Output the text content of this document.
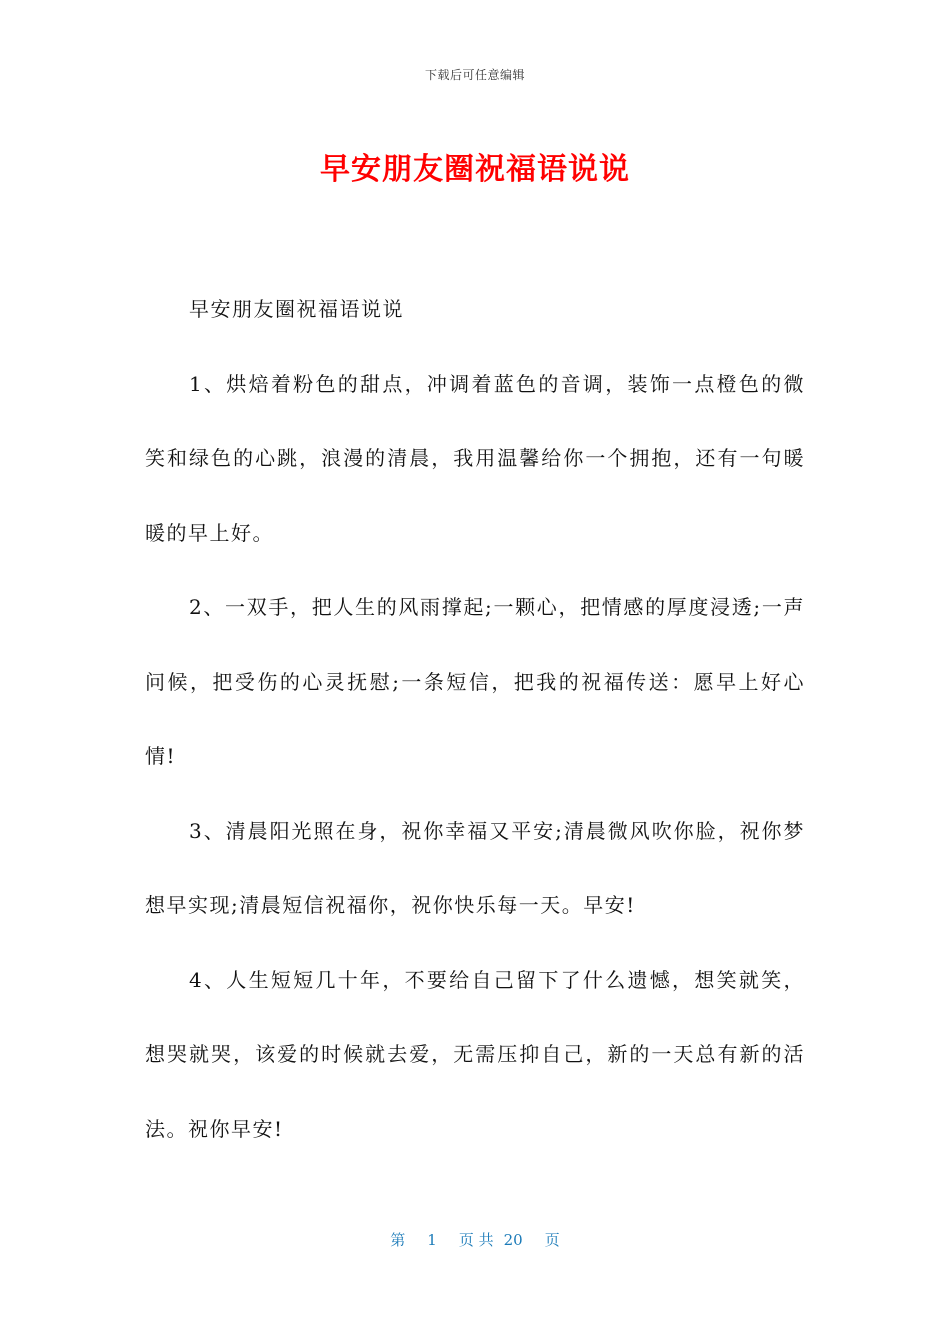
下载后可任意编辑
早安朋友圈祝福语说说

早安朋友圈祝福语说说

1、烘焙着粉色的甜点，冲调着蓝色的音调，装饰一点橙色的微笑和绿色的心跳，浪漫的清晨，我用温馨给你一个拥抱，还有一句暖暖的早上好。

2、一双手，把人生的风雨撑起;一颗心，把情感的厚度浸透;一声问候，把受伤的心灵抚慰;一条短信，把我的祝福传送：愿早上好心情!

3、清晨阳光照在身，祝你幸福又平安;清晨微风吹你脸，祝你梦想早实现;清晨短信祝福你，祝你快乐每一天。早安!

4、人生短短几十年，不要给自己留下了什么遗憾，想笑就笑，想哭就哭，该爱的时候就去爱，无需压抑自己，新的一天总有新的活法。祝你早安!

第 1 页 共 20 页
